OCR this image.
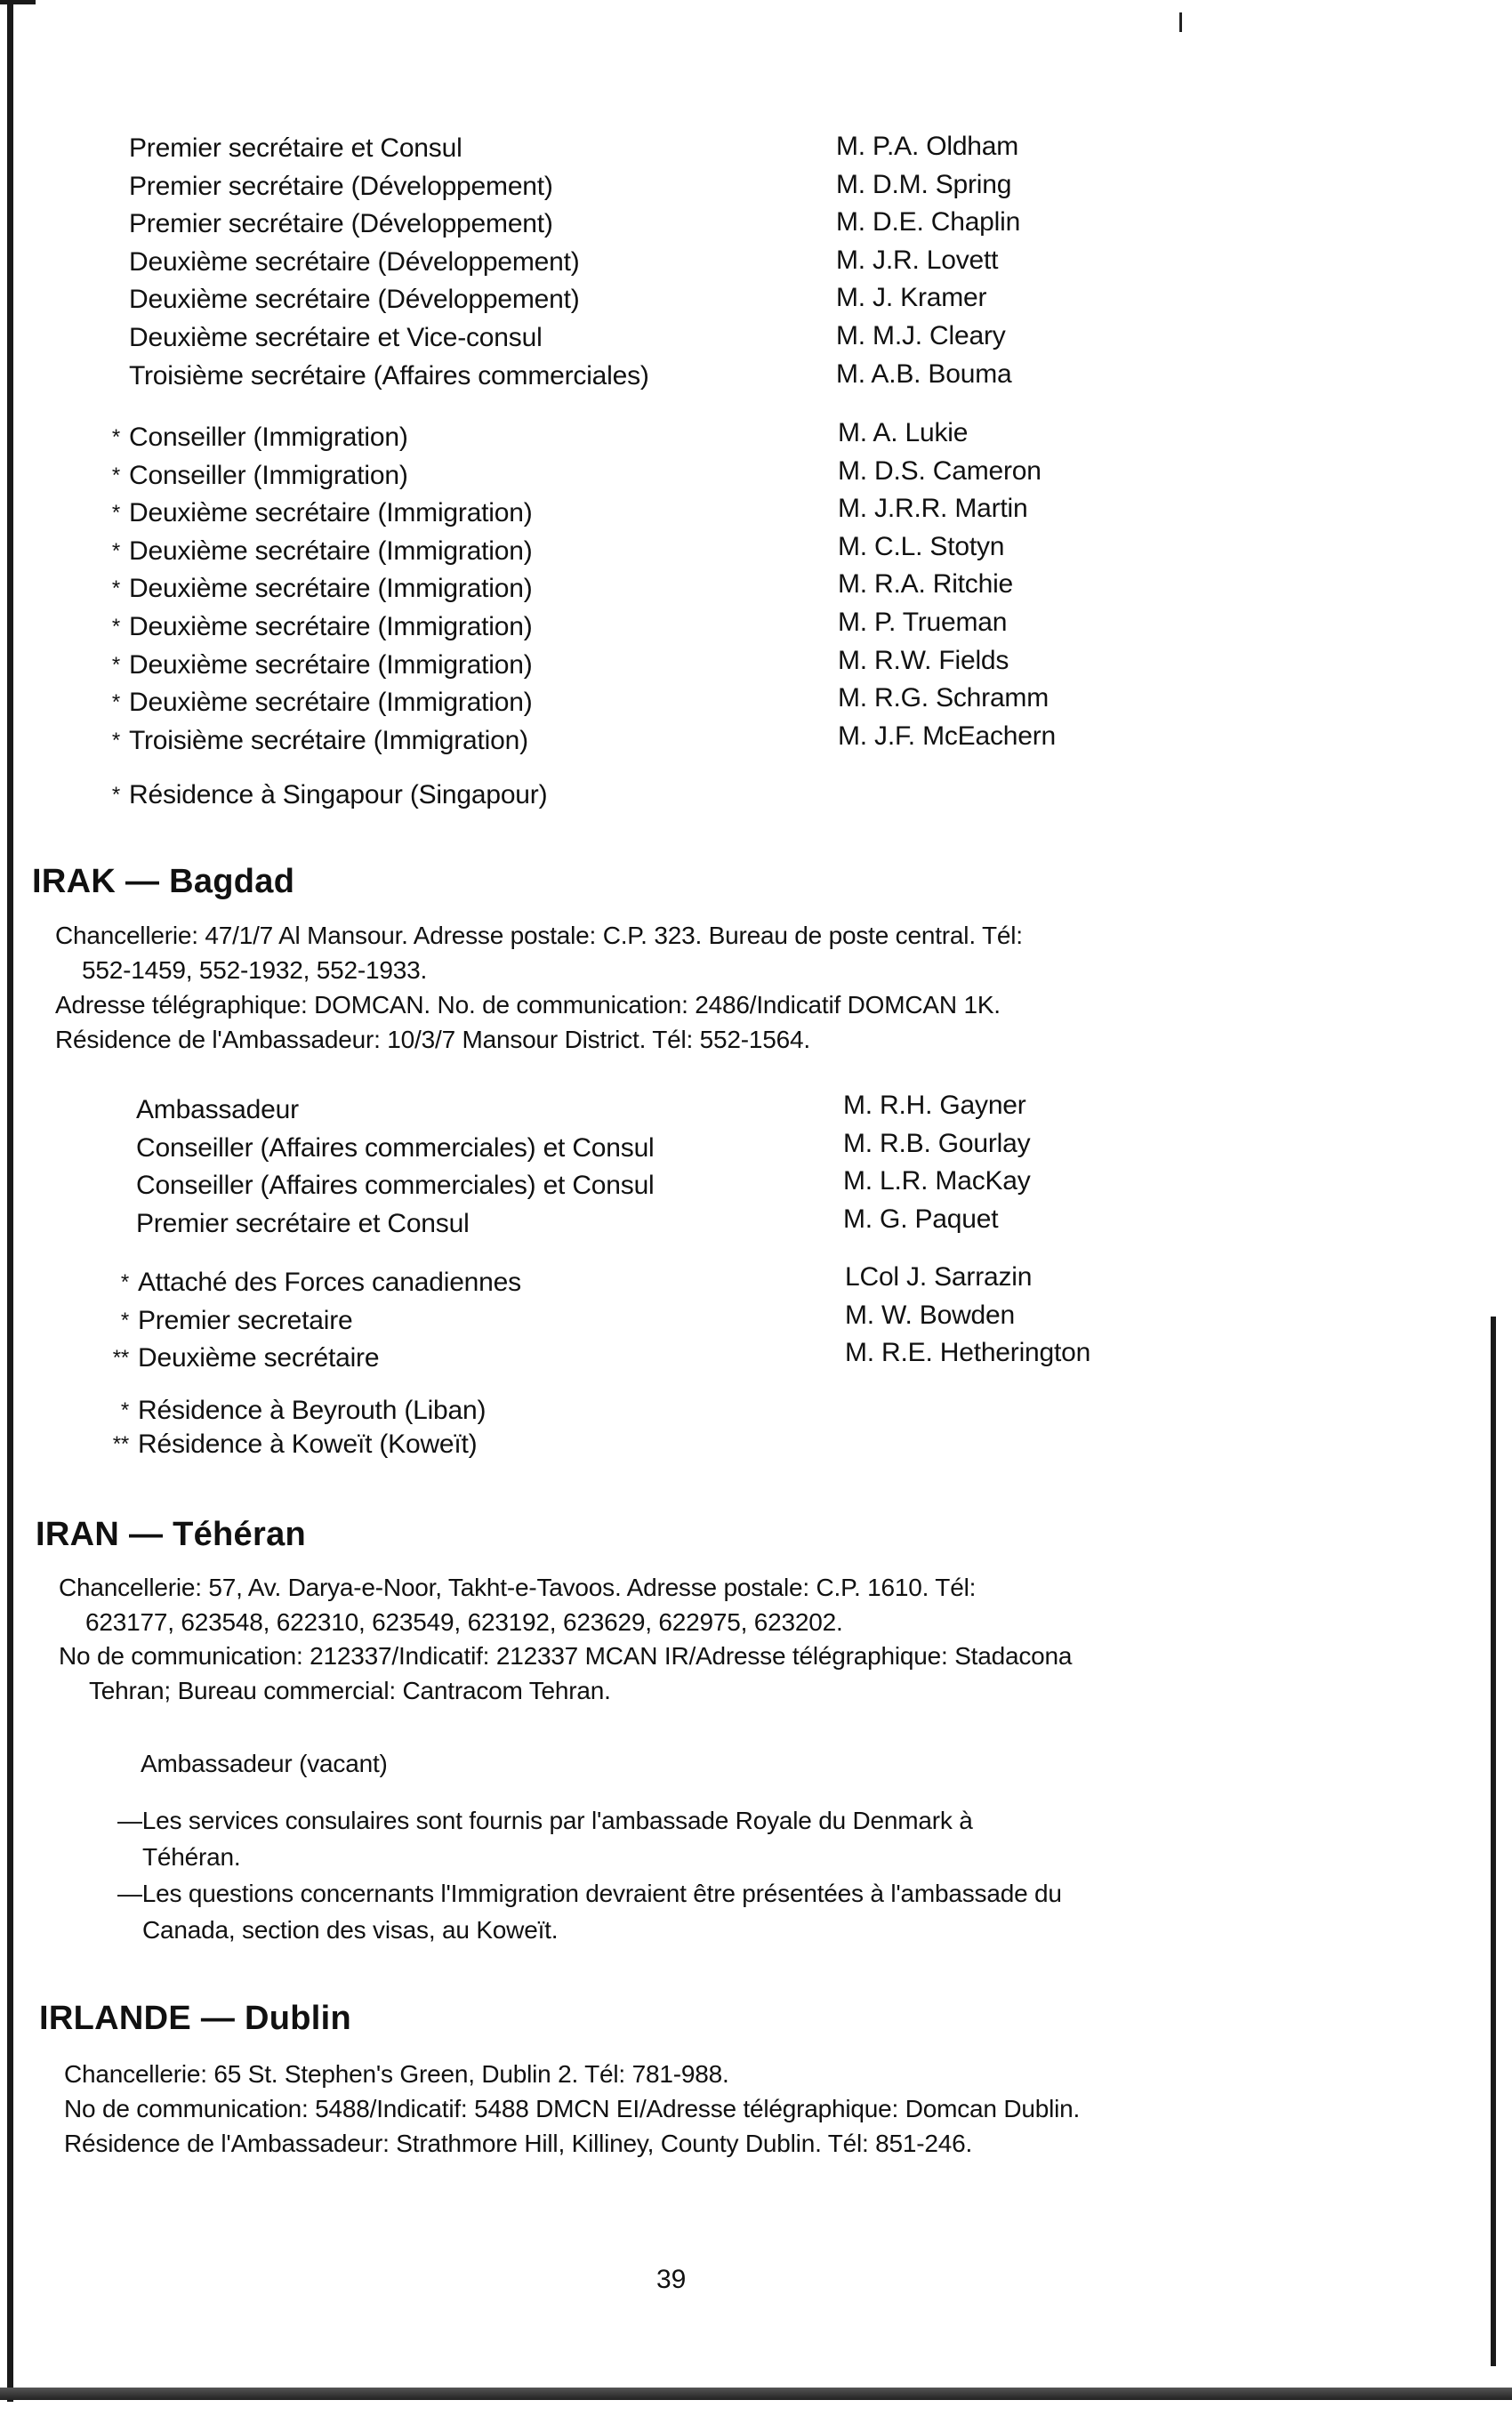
Premier secrétaire et Consul
Premier secrétaire (Développement)
Premier secrétaire (Développement)
Deuxième secrétaire (Développement)
Deuxième secrétaire (Développement)
Deuxième secrétaire et Vice-consul
Troisième secrétaire (Affaires commerciales)
M. P.A. Oldham
M. D.M. Spring
M. D.E. Chaplin
M. J.R. Lovett
M. J. Kramer
M. M.J. Cleary
M. A.B. Bouma
* Conseiller (Immigration)
* Conseiller (Immigration)
* Deuxième secrétaire (Immigration)
* Deuxième secrétaire (Immigration)
* Deuxième secrétaire (Immigration)
* Deuxième secrétaire (Immigration)
* Deuxième secrétaire (Immigration)
* Deuxième secrétaire (Immigration)
* Troisième secrétaire (Immigration)
M. A. Lukie
M. D.S. Cameron
M. J.R.R. Martin
M. C.L. Stotyn
M. R.A. Ritchie
M. P. Trueman
M. R.W. Fields
M. R.G. Schramm
M. J.F. McEachern
* Résidence à Singapour (Singapour)
IRAK — Bagdad
Chancellerie: 47/1/7 Al Mansour. Adresse postale: C.P. 323. Bureau de poste central. Tél:
552-1459, 552-1932, 552-1933.
Adresse télégraphique: DOMCAN. No. de communication: 2486/Indicatif DOMCAN 1K.
Résidence de l'Ambassadeur: 10/3/7 Mansour District. Tél: 552-1564.
Ambassadeur
Conseiller (Affaires commerciales) et Consul
Conseiller (Affaires commerciales) et Consul
Premier secrétaire et Consul
M. R.H. Gayner
M. R.B. Gourlay
M. L.R. MacKay
M. G. Paquet
* Attaché des Forces canadiennes
* Premier secretaire
** Deuxième secrétaire
LCol J. Sarrazin
M. W. Bowden
M. R.E. Hetherington
* Résidence à Beyrouth (Liban)
** Résidence à Koweït (Koweït)
IRAN — Téhéran
Chancellerie: 57, Av. Darya-e-Noor, Takht-e-Tavoos. Adresse postale: C.P. 1610. Tél:
623177, 623548, 622310, 623549, 623192, 623629, 622975, 623202.
No de communication: 212337/Indicatif: 212337 MCAN IR/Adresse télégraphique: Stadacona
Tehran; Bureau commercial: Cantracom Tehran.
Ambassadeur (vacant)
—Les services consulaires sont fournis par l'ambassade Royale du Denmark à
Téhéran.
—Les questions concernants l'Immigration devraient être présentées à l'ambassade du
Canada, section des visas, au Koweït.
IRLANDE — Dublin
Chancellerie: 65 St. Stephen's Green, Dublin 2. Tél: 781-988.
No de communication: 5488/Indicatif: 5488 DMCN EI/Adresse télégraphique: Domcan Dublin.
Résidence de l'Ambassadeur: Strathmore Hill, Killiney, County Dublin. Tél: 851-246.
39
